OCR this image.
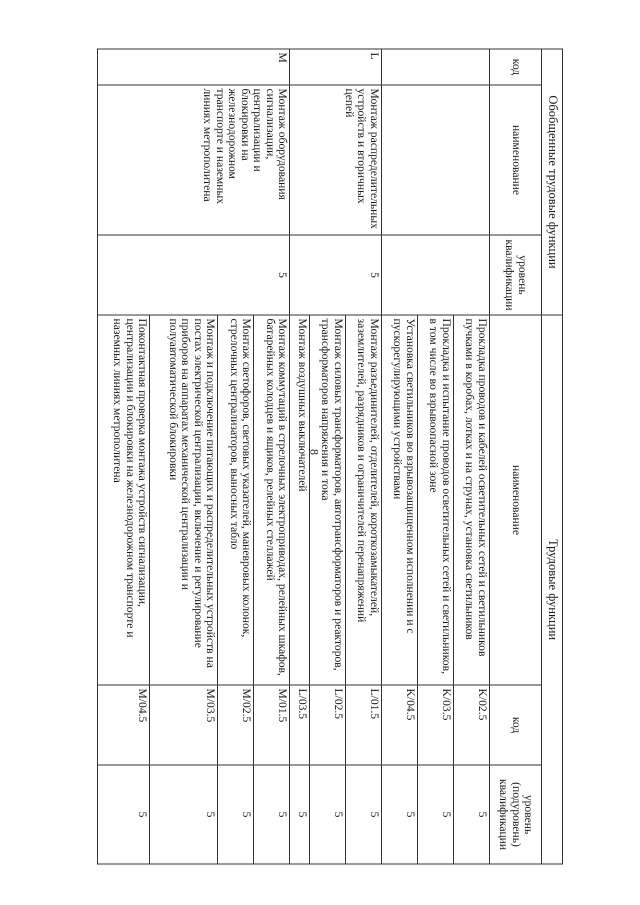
8
Обобщенные трудовые функции			Трудовые функции		
код	наименование	уровень квалификации	наименование	код	уровень (подуровень) квалификации
			Прокладка проводов и кабелей осветительных сетей и светильников пучками в коробах, лотках и на струнах, установка светильников	K/02.5	5
			Прокладка и испытание проводов осветительных сетей и светильников, в том числе во взрывоопасной зоне	K/03.5	5
			Установка светильников во взрывозащищенном исполнении и с пускорегулирующими устройствами	K/04.5	5
L	Монтаж распределительных устройств и вторичных цепей	5	Монтаж разъединителей, отделителей, короткозамыкателей, заземлителей, разрядников и ограничителей перенапряжений	L/01.5	5
			Монтаж силовых трансформаторов, автотрансформаторов и реакторов, трансформаторов напряжения и тока	L/02.5	5
			Монтаж воздушных выключателей	L/03.5	5
M	Монтаж оборудования сигнализации, централизации и блокировки на железнодорожном транспорте и наземных линиях метрополитена	5	Монтаж коммутаций в стрелочных электроприводах, релейных шкафов, батарейных колодцев и ящиков, релейных стеллажей	M/01.5	5
			Монтаж светофоров, световых указателей, маневровых колонок, стрелочных централизаторов, выносных табло	M/02.5	5
			Монтаж и подключение питающих и распределительных устройств на постах электрической централизации, включение и регулирование приборов на аппаратах механической централизации и полуавтоматической блокировки	M/03.5	5
			Поконтактная проверка монтажа устройств сигнализации, централизации и блокировки на железнодорожном транспорте и наземных линиях метрополитена	M/04.5	5
